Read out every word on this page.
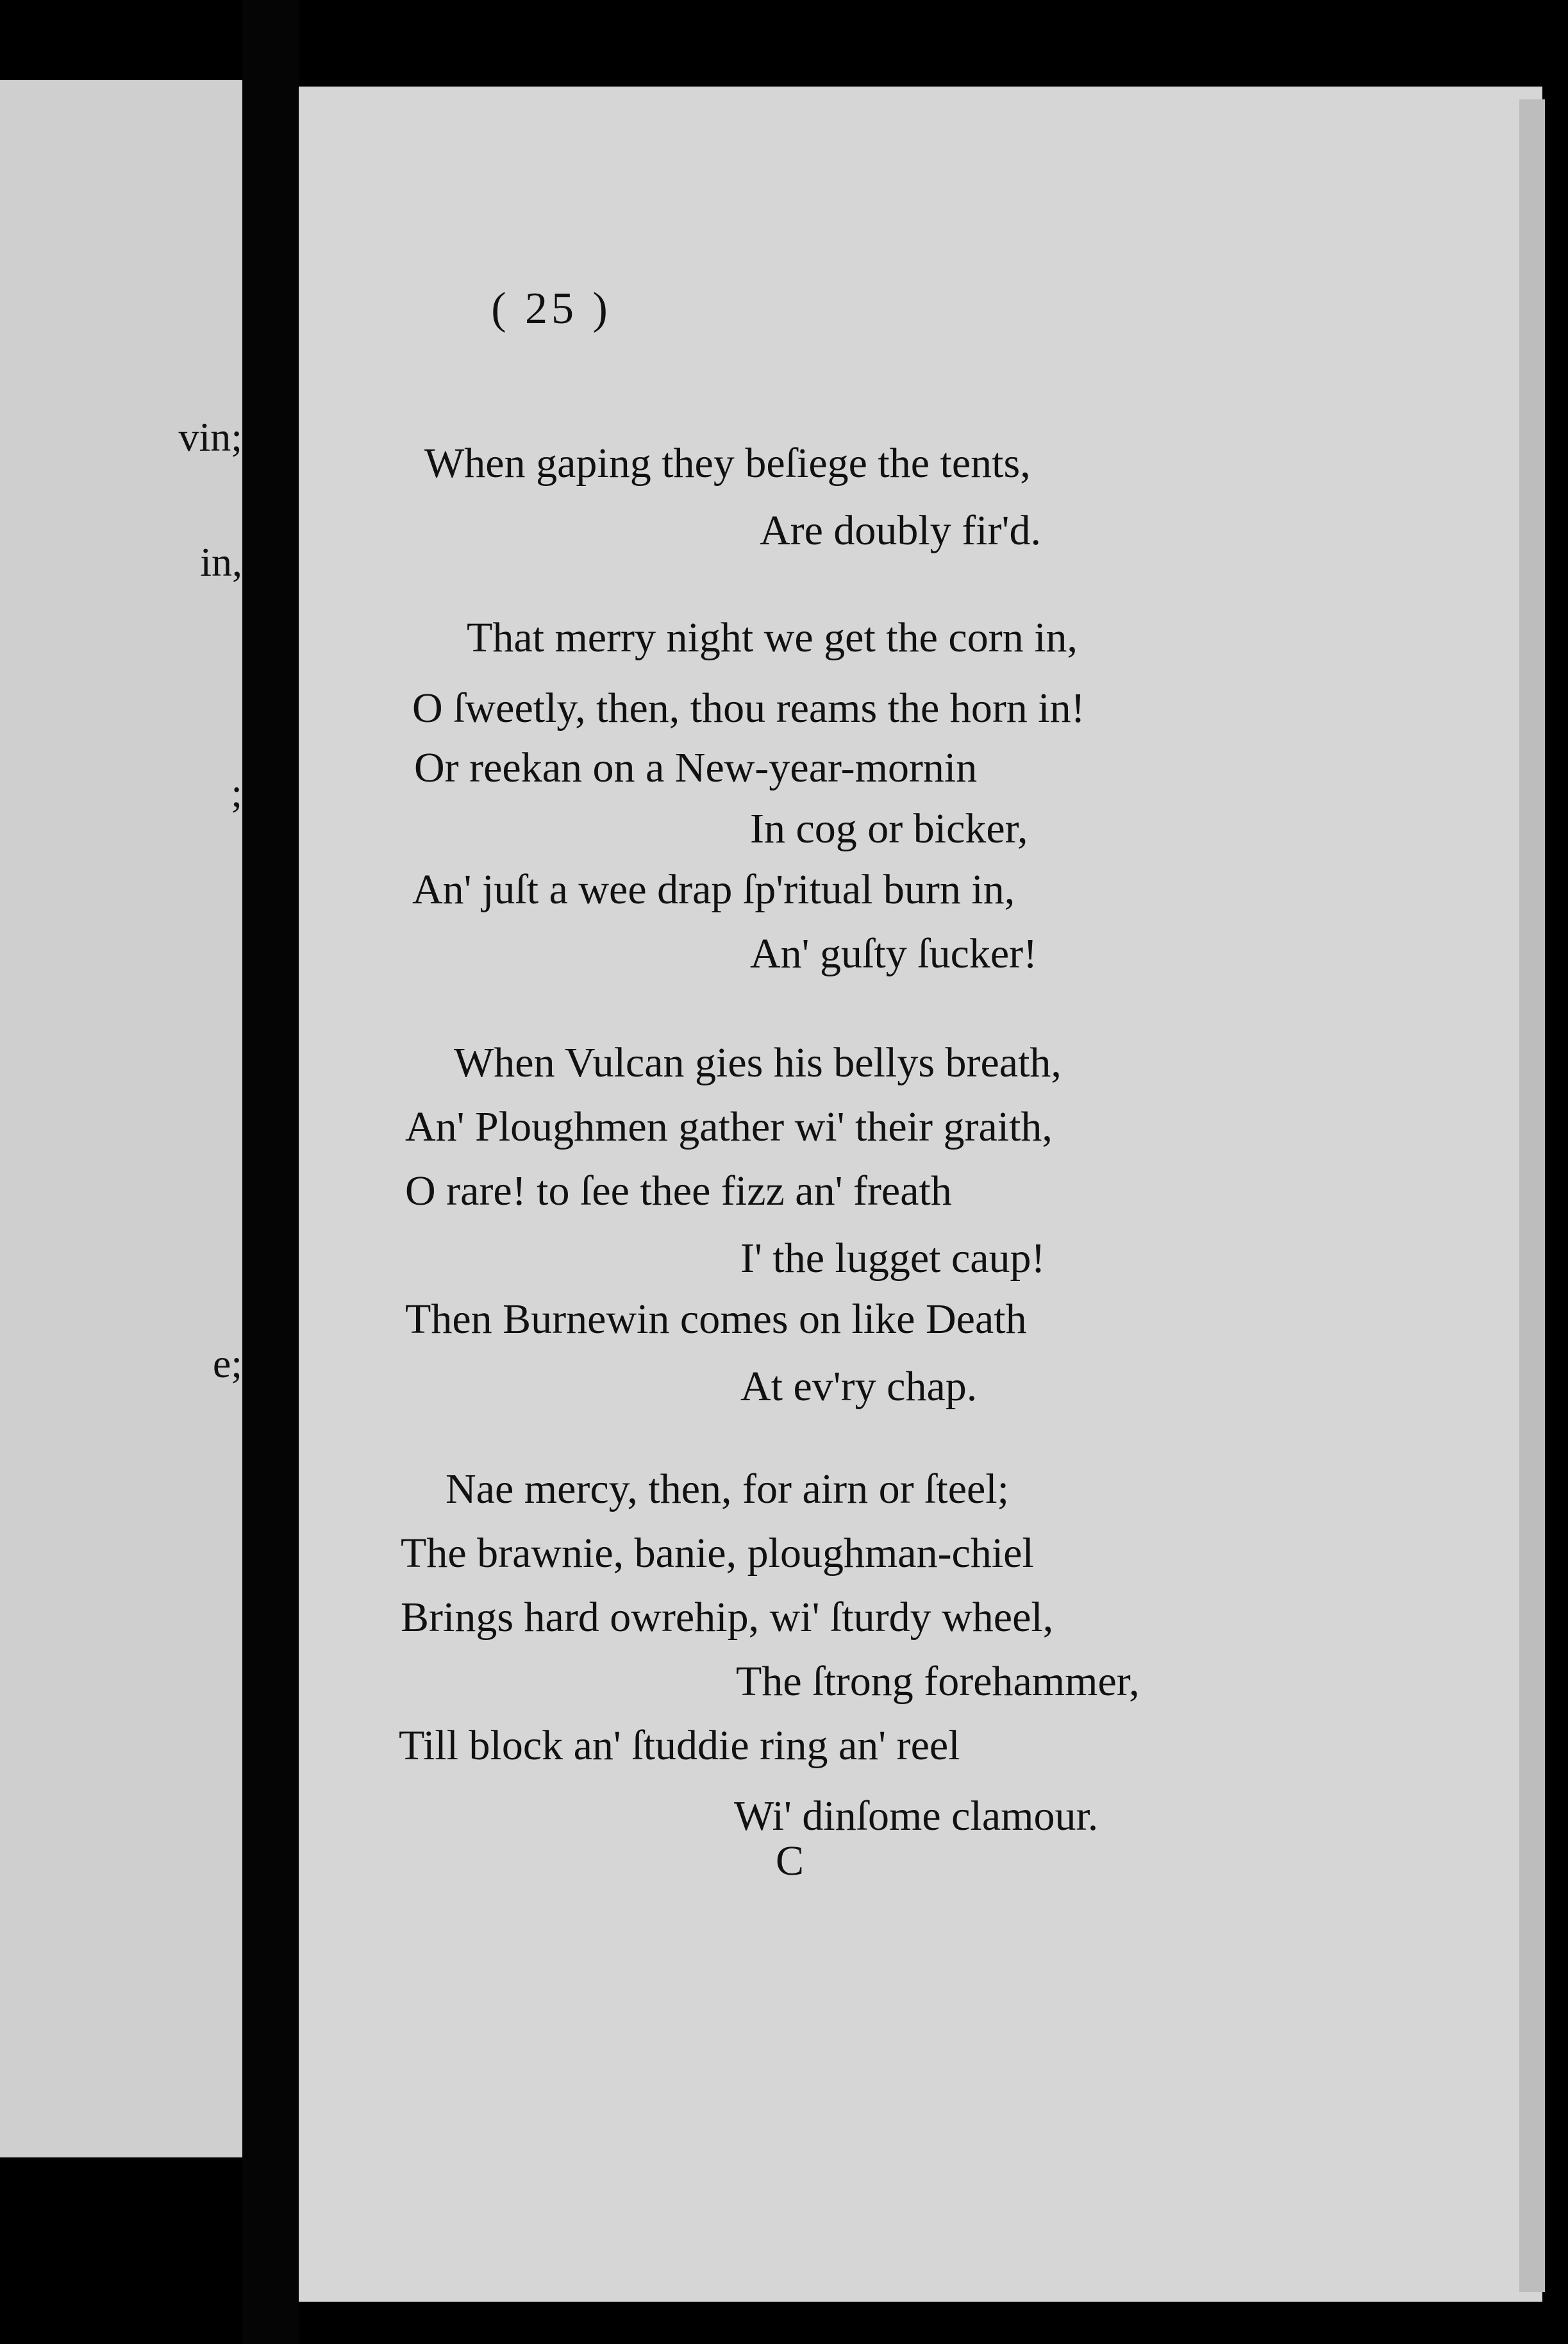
vin;
in,
;
e;
( 25 )
When gaping they beſiege the tents,
Are doubly fir'd.
That merry night we get the corn in,
O ſweetly, then, thou reams the horn in!
Or reekan on a New-year-mornin
In cog or bicker,
An' juſt a wee drap ſp'ritual burn in,
An' guſty ſucker!
When Vulcan gies his bellys breath,
An' Ploughmen gather wi' their graith,
O rare! to ſee thee fizz an' freath
I' the lugget caup!
Then Burnewin comes on like Death
At ev'ry chap.
Nae mercy, then, for airn or ſteel;
The brawnie, banie, ploughman-chiel
Brings hard owrehip, wi' ſturdy wheel,
The ſtrong forehammer,
Till block an' ſtuddie ring an' reel
Wi' dinſome clamour.
C
